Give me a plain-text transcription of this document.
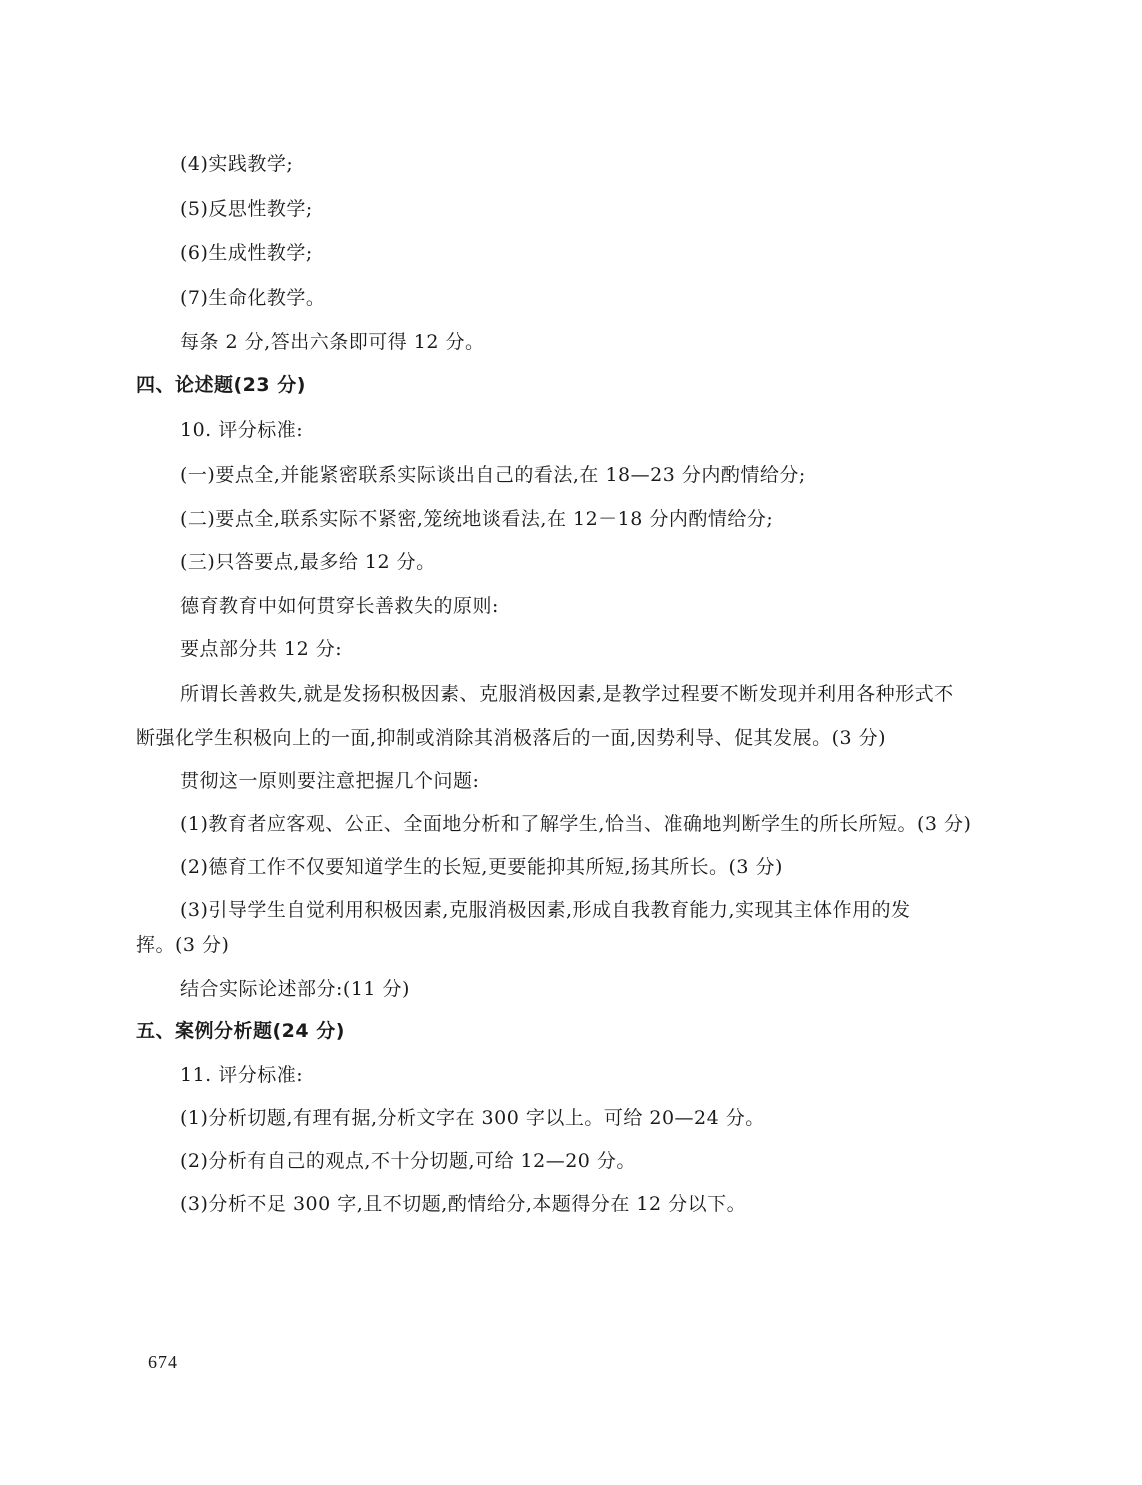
(4)实践教学;
(5)反思性教学;
(6)生成性教学;
(7)生命化教学。
每条 2 分,答出六条即可得 12 分。
四、论述题(23 分)
10. 评分标准:
(一)要点全,并能紧密联系实际谈出自己的看法,在 18—23 分内酌情给分;
(二)要点全,联系实际不紧密,笼统地谈看法,在 12－18 分内酌情给分;
(三)只答要点,最多给 12 分。
德育教育中如何贯穿长善救失的原则:
要点部分共 12 分:
所谓长善救失,就是发扬积极因素、克服消极因素,是教学过程要不断发现并利用各种形式不
断强化学生积极向上的一面,抑制或消除其消极落后的一面,因势利导、促其发展。(3 分)
贯彻这一原则要注意把握几个问题:
(1)教育者应客观、公正、全面地分析和了解学生,恰当、准确地判断学生的所长所短。(3 分)
(2)德育工作不仅要知道学生的长短,更要能抑其所短,扬其所长。(3 分)
(3)引导学生自觉利用积极因素,克服消极因素,形成自我教育能力,实现其主体作用的发
挥。(3 分)
结合实际论述部分:(11 分)
五、案例分析题(24 分)
11. 评分标准:
(1)分析切题,有理有据,分析文字在 300 字以上。可给 20—24 分。
(2)分析有自己的观点,不十分切题,可给 12—20 分。
(3)分析不足 300 字,且不切题,酌情给分,本题得分在 12 分以下。
674
